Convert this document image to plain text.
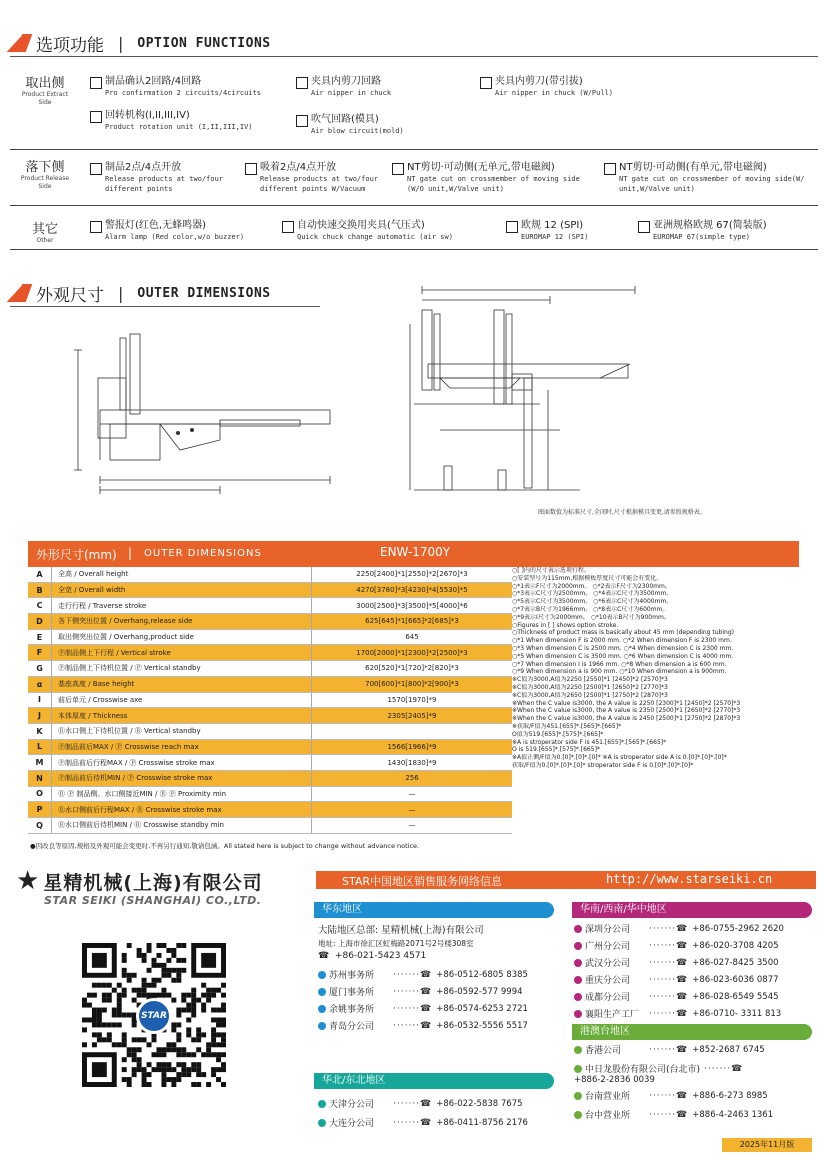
选项功能 | OPTION FUNCTIONS
取出侧
Product Extract Side
制品确认2回路/4回路
Pro confirmation 2 circuits/4circuits
夹具内剪刀回路
Air nipper in chuck
夹具内剪刀(带引拔)
Air nipper in chuck (W/Pull)
回转机构(I,II,III,IV)
Product rotation unit (I,II,III,IV)
吹气回路(模具)
Air blow circuit(mold)
落下侧
Product Release Side
制品2点/4点开放
Release products at two/four
different points
吸着2点/4点开放
Release products at two/four
different points W/Vacuum
NT剪切·可动侧(无单元,带电磁阀)
NT gate cut on crossmember of moving side
(W/O unit,W/Valve unit)
NT剪切·可动侧(有单元,带电磁阀)
NT gate cut on crossmember of moving side(W/
unit,W/Valve unit)
其它
Other
警报灯(红色,无蜂鸣器)
Alarm lamp (Red color,w/o buzzer)
自动快速交换用夹具(气压式)
Quick chuck change automatic (air sw)
欧规 12 (SPI)
EUROMAP 12 (SPI)
亚洲规格欧规 67(简装版)
EUROMAP 67(simple type)
外观尺寸 | OUTER DIMENSIONS
图面数值为标准尺寸,全闭时,尺寸根据模具变更,请参照规格表。
外形尺寸(mm) | OUTER DIMENSIONS	ENW-1700Y
A	全高 / Overall height	2250[2400]*1[2550]*2[2670]*3
B	全宽 / Overall width	4270[3780]*3[4230]*4[5530]*5
C	走行行程 / Traverse stroke	3000[2500]*3[3500]*5[4000]*6
D	各下侧突出位置 / Overhang,release side	625[645]*1[665]*2[685]*3
E	取出侧突出位置 / Overhang,product side	645
F	Ⓟ制品侧上下行程 / Vertical stroke	1700[2000]*1[2300]*2[2500]*3
G	Ⓟ制品侧上下待机位置 / Ⓟ Vertical standby	620[520]*1[720]*2[820]*3
α	基座高度 / Base height	700[600]*1[800]*2[900]*3
I	前后单元 / Crosswise axe	1570[1970]*9
J	本体厚度 / Thickness	2305[2405]*9
K	Ⓡ水口侧上下待机位置 / Ⓡ Vertical standby
L	Ⓟ制品前后MAX / Ⓟ Crosswise reach max	1566[1966]*9
M	Ⓟ制品前后行程MAX / Ⓟ Crosswise stroke max	1430[1830]*9
N	Ⓟ制品前后待机MIN / Ⓟ Crosswise stroke max	256
O	Ⓡ Ⓟ 制品侧、水口侧接近MIN / Ⓡ Ⓟ Proximity min	—
P	Ⓡ水口侧前后行程MAX / Ⓡ Crosswise stroke max	—
Q	Ⓡ水口侧前后待机MIN / Ⓡ Crosswise standby min	—
○[ ]内的尺寸表示选项行程。
○安装型号为115mm,根据模板厚度尺寸可能会有变化。
○*1表示F尺寸为2000mm。 ○*2表示F尺寸为2300mm。
○*3表示C尺寸为2500mm。 ○*4表示C尺寸为3500mm。
○*5表示C尺寸为3500mm。 ○*6表示C尺寸为4000mm。
○*7表示B尺寸为1966mm。 ○*8表示C尺寸为600mm。
○*9表示I尺寸为2000mm。 ○*10表示B尺寸为900mm。
○Figures in [ ] shows option stroke.
○Thickness of product mass is basically about 45 mm (depending tubing)
○*1 When dimension F is 2000 mm. ○*2 When dimension F is 2300 mm.
○*3 When dimension C is 2500 mm. ○*4 When dimension C is 2300 mm.
○*5 When dimension C is 3500 mm. ○*6 When dimension C is 4000 mm.
○*7 When dimension I is 1966 mm. ○*8 When dimension a is 600 mm.
○*9 When dimension a is 900 mm. ○*10 When dimension a is 900mm.
※C值为3000,A值为2250 [2550]*1 [2450]*2 [2570]*3
※C值为3000,A值为2250 [2500]*1 [2650]*2 [2770]*3
※C值为3000,A值为2650 [2500]*1 [2750]*2 [2870]*3
※When the C value is3000, the A value is 2250 [2300]*1 [2450]*2 [2570]*3
※When the C value is3000, the A value is 2350 [2500]*1 [2650]*2 [2770]*3
※When the C value is3000, the A value is 2450 [2500]*1 [2750]*2 [2870]*3
※获取/F值为451.[655]*.[565]*.[665]*
O值为519.[655]*.[575]*.[665]*
※A is stroperator side F is 451.[655]*.[565]*.[665]*
O is 519.[655]*.[575]*.[665]*
※A值正侧/F值为0.[0]*.[0]*.[0]* ※A is stroperator side A is 0.[0]*.[0]*.[0]*
获取/F值为0.[0]*.[0]*.[0]* stroperator side F is 0.[0]*.[0]*.[0]*
●因改良等原因,规格及外观可能会变更时,不再另行通知,敬请包涵。All stated here is subject to change without advance notice.
★ 星精机械(上海)有限公司
STAR SEIKI (SHANGHAI) CO.,LTD.
STAR
STAR中国地区销售服务网络信息	http://www.starseiki.cn
华东地区
大陆地区总部: 星精机械(上海)有限公司
地址: 上海市徐汇区虹梅路2071号2号楼308室
☎  +86-021-5423 4571
苏州事务所	·······☎ +86-0512-6805 8385
厦门事务所	·······☎ +86-0592-577 9994
余姚事务所	·······☎ +86-0574-6253 2721
青岛分公司	·······☎ +86-0532-5556 5517
华北/东北地区
天津分公司	·······☎ +86-022-5838 7675
大连分公司	·······☎ +86-0411-8756 2176
华南/西南/华中地区
深圳分公司	·······☎ +86-0755-2962 2620
广州分公司	·······☎ +86-020-3708 4205
武汉分公司	·······☎ +86-027-8425 3500
重庆分公司	·······☎ +86-023-6036 0877
成都分公司	·······☎ +86-028-6549 5545
襄阳生产工厂	·······☎ +86-0710- 3311 813
港澳台地区
香港公司	·······☎ +852-2687 6745
中日龙股份有限公司(台北市) ·······☎
+886-2-2836 0039
台南营业所	·······☎ +886-6-273 8985
台中营业所	·······☎ +886-4-2463 1361
2025年11月版
